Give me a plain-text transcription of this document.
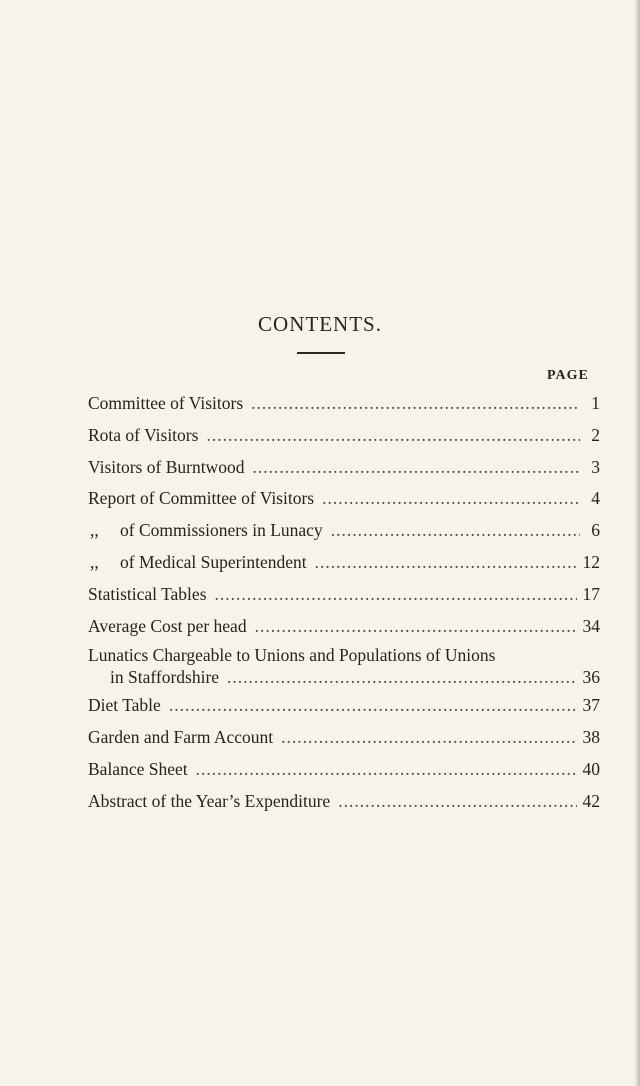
CONTENTS.
PAGE
Committee of Visitors .....	1
Rota of Visitors .....	2
Visitors of Burntwood .....	3
Report of Committee of Visitors .....	4
,, of Commissioners in Lunacy .....	6
,, of Medical Superintendent .....	12
Statistical Tables .....	17
Average Cost per head .....	34
Lunatics Chargeable to Unions and Populations of Unions
in Staffordshire .....	36
Diet Table .....	37
Garden and Farm Account .....	38
Balance Sheet .....	40
Abstract of the Year’s Expenditure .....	42
